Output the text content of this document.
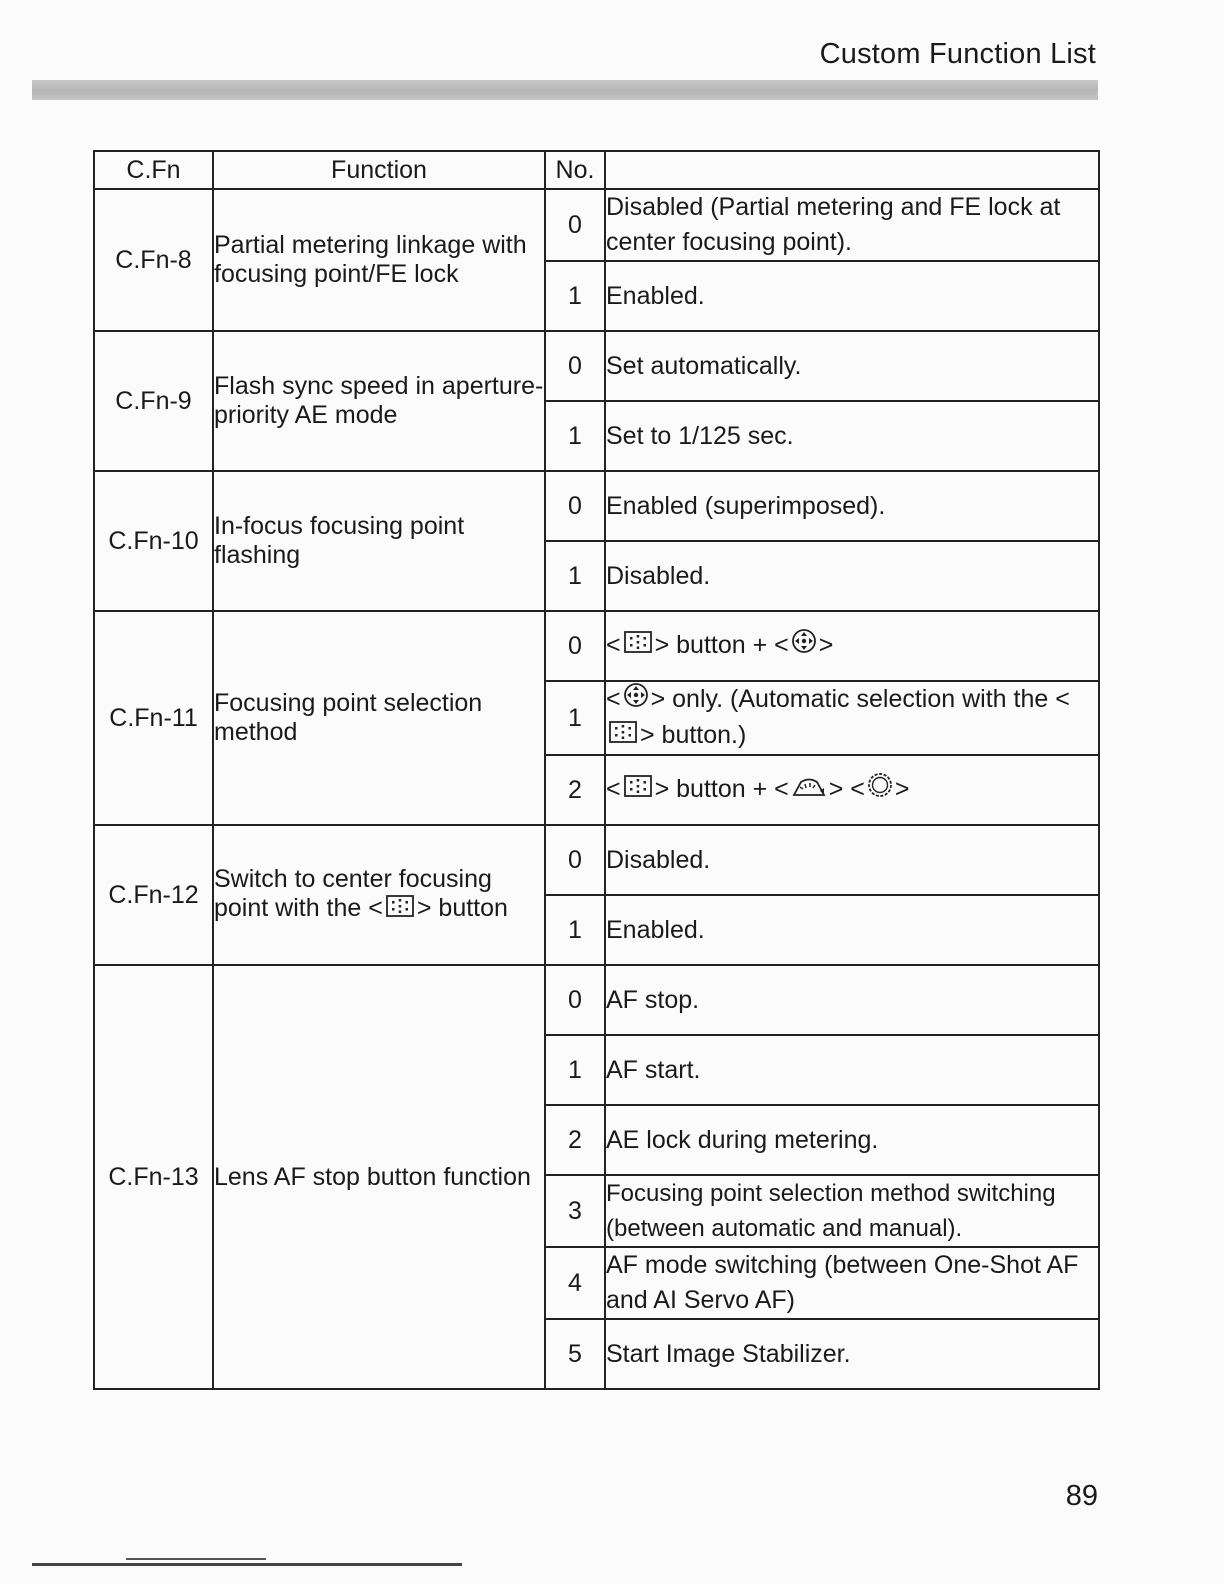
Custom Function List
C.Fn	Function	No.	
C.Fn-8	Partial metering linkage with focusing point/FE lock	0	Disabled (Partial metering and FE lock at center focusing point).
		1	Enabled.
C.Fn-9	Flash sync speed in aperture-priority AE mode	0	Set automatically.
		1	Set to 1/125 sec.
C.Fn-10	In-focus focusing point flashing	0	Enabled (superimposed).
		1	Disabled.
C.Fn-11	Focusing point selection method	0	< > button + < >
		1	< > only. (Automatic selection with the <> button.)
		2	< > button + < > < >
C.Fn-12	Switch to center focusing point with the < > button	0	Disabled.
		1	Enabled.
C.Fn-13	Lens AF stop button function	0	AF stop.
		1	AF start.
		2	AE lock during metering.
		3	Focusing point selection method switching (between automatic and manual).
		4	AF mode switching (between One-Shot AF and AI Servo AF)
		5	Start Image Stabilizer.
89
